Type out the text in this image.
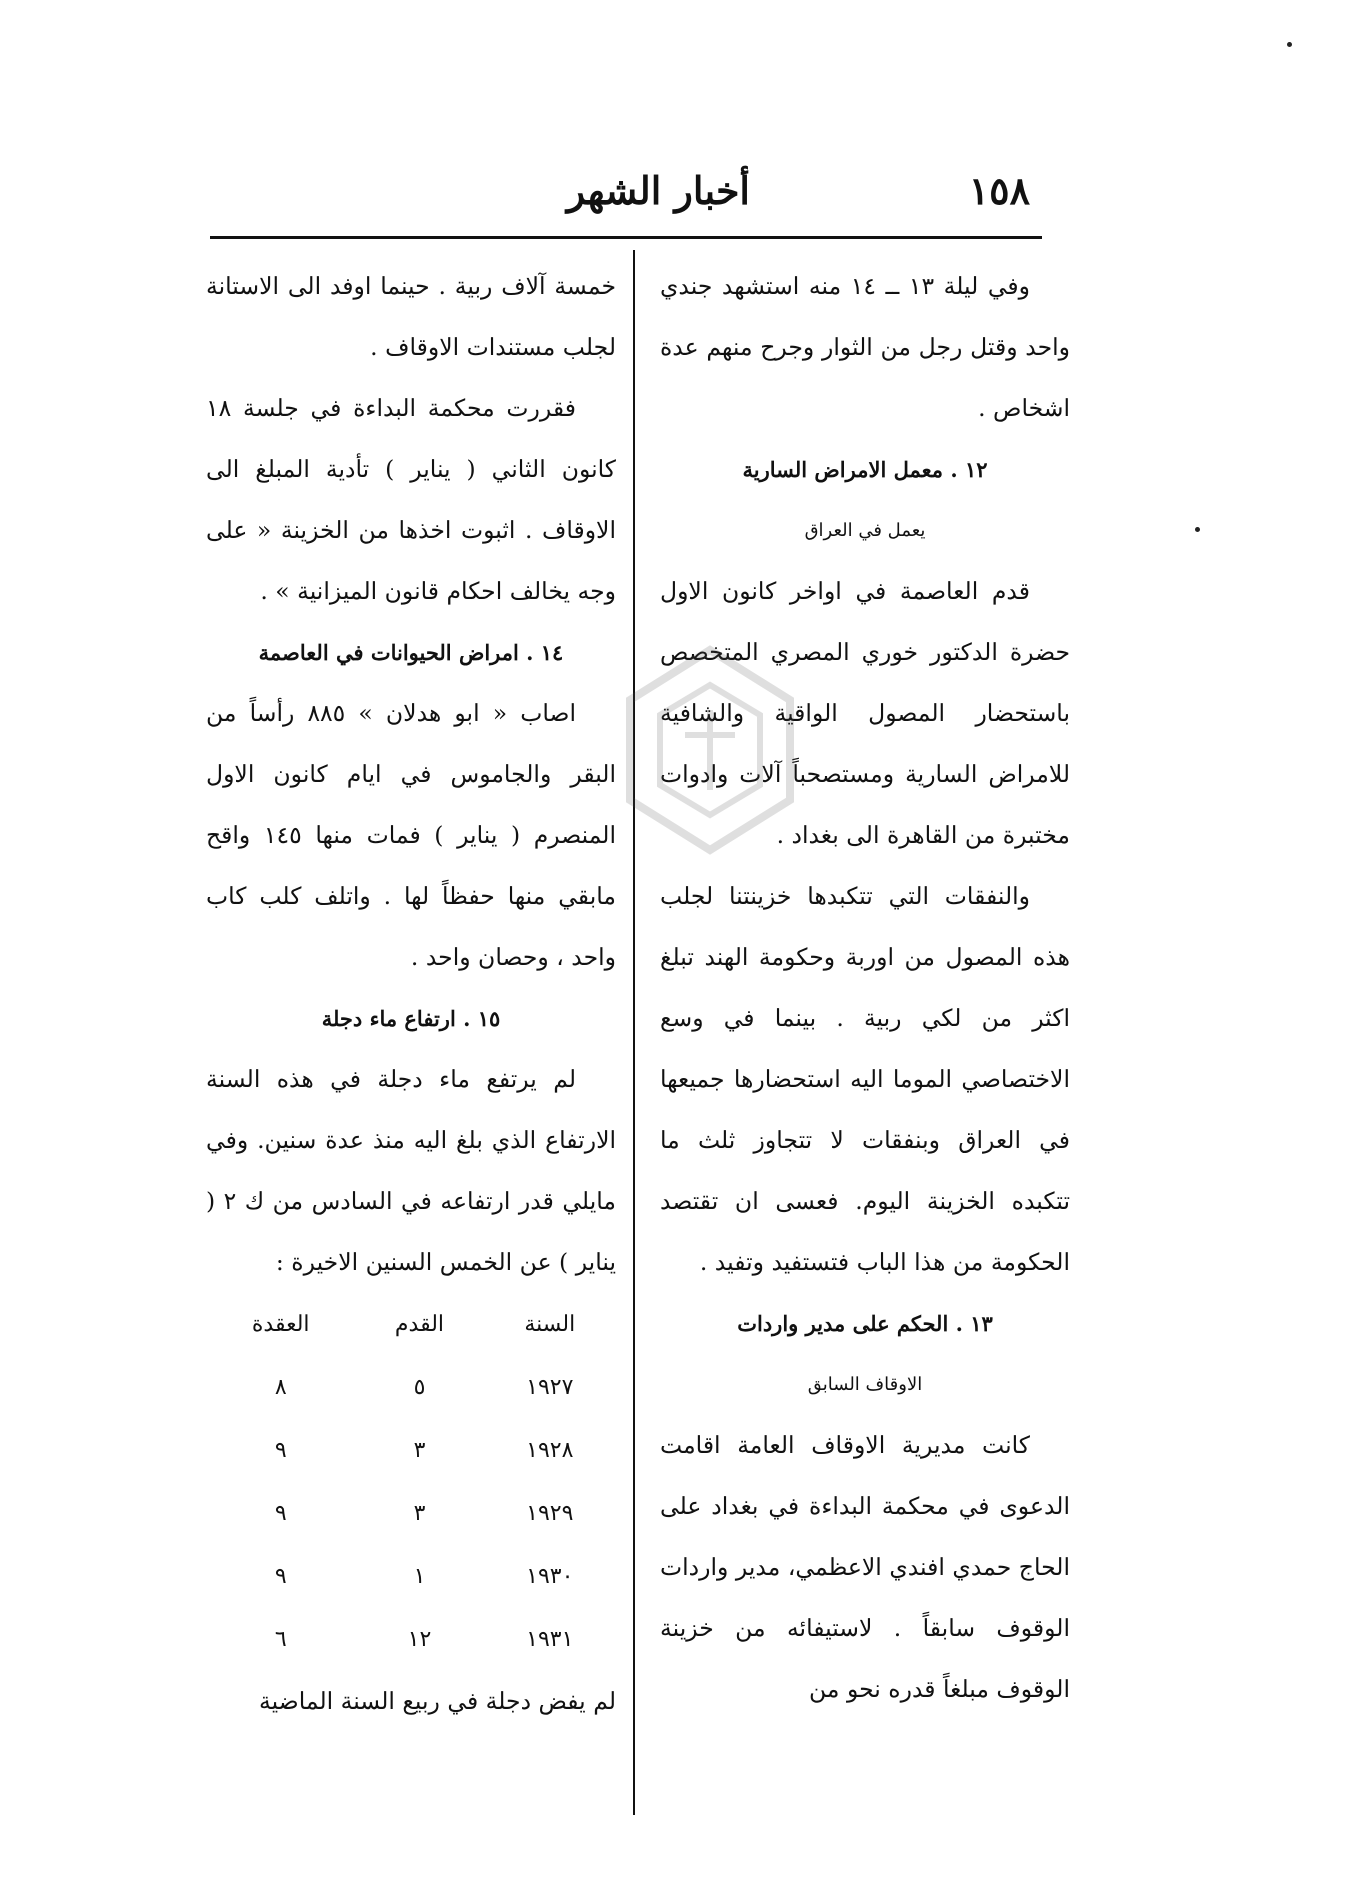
١٥٨
أخبار الشهر

وفي ليلة ١٣ ــ ١٤ منه استشهد جندي واحد وقتل رجل من الثوار وجرح منهم عدة اشخاص .

١٢ . معمل الامراض السارية

يعمل في العراق

قدم العاصمة في اواخر كانون الاول حضرة الدكتور خوري المصري المتخصص باستحضار المصول الواقية والشافية للامراض السارية ومستصحباً آلات وادوات مختبرة من القاهرة الى بغداد .

والنفقات التي تتكبدها خزينتنا لجلب هذه المصول من اوربة وحكومة الهند تبلغ اكثر من لكي ربية . بينما في وسع الاختصاصي الموما اليه استحضارها جميعها في العراق وبنفقات لا تتجاوز ثلث ما تتكبده الخزينة اليوم. فعسى ان تقتصد الحكومة من هذا الباب فتستفيد وتفيد .

١٣ . الحكم على مدير واردات

الاوقاف السابق

كانت مديرية الاوقاف العامة اقامت الدعوى في محكمة البداءة في بغداد على الحاج حمدي افندي الاعظمي، مدير واردات الوقوف سابقاً . لاستيفائه من خزينة الوقوف مبلغاً قدره نحو من

خمسة آلاف ربية . حينما اوفد الى الاستانة لجلب مستندات الاوقاف .

فقررت محكمة البداءة في جلسة ١٨ كانون الثاني ( يناير ) تأدية المبلغ الى الاوقاف . اثبوت اخذها من الخزينة « على وجه يخالف احكام قانون الميزانية » .

١٤ . امراض الحيوانات في العاصمة

اصاب « ابو هدلان » ٨٨٥ رأساً من البقر والجاموس في ايام كانون الاول المنصرم ( يناير ) فمات منها ١٤٥ واقح مابقي منها حفظاً لها . واتلف كلب كاب واحد ، وحصان واحد .

١٥ . ارتفاع ماء دجلة

لم يرتفع ماء دجلة في هذه السنة الارتفاع الذي بلغ اليه منذ عدة سنين. وفي مايلي قدر ارتفاعه في السادس من ك ٢ ( يناير ) عن الخمس السنين الاخيرة :

السنة	القدم	العقدة
١٩٢٧	٥	٨
١٩٢٨	٣	٩
١٩٢٩	٣	٩
١٩٣٠	١	٩
١٩٣١	١٢	٦

لم يفض دجلة في ربيع السنة الماضية
